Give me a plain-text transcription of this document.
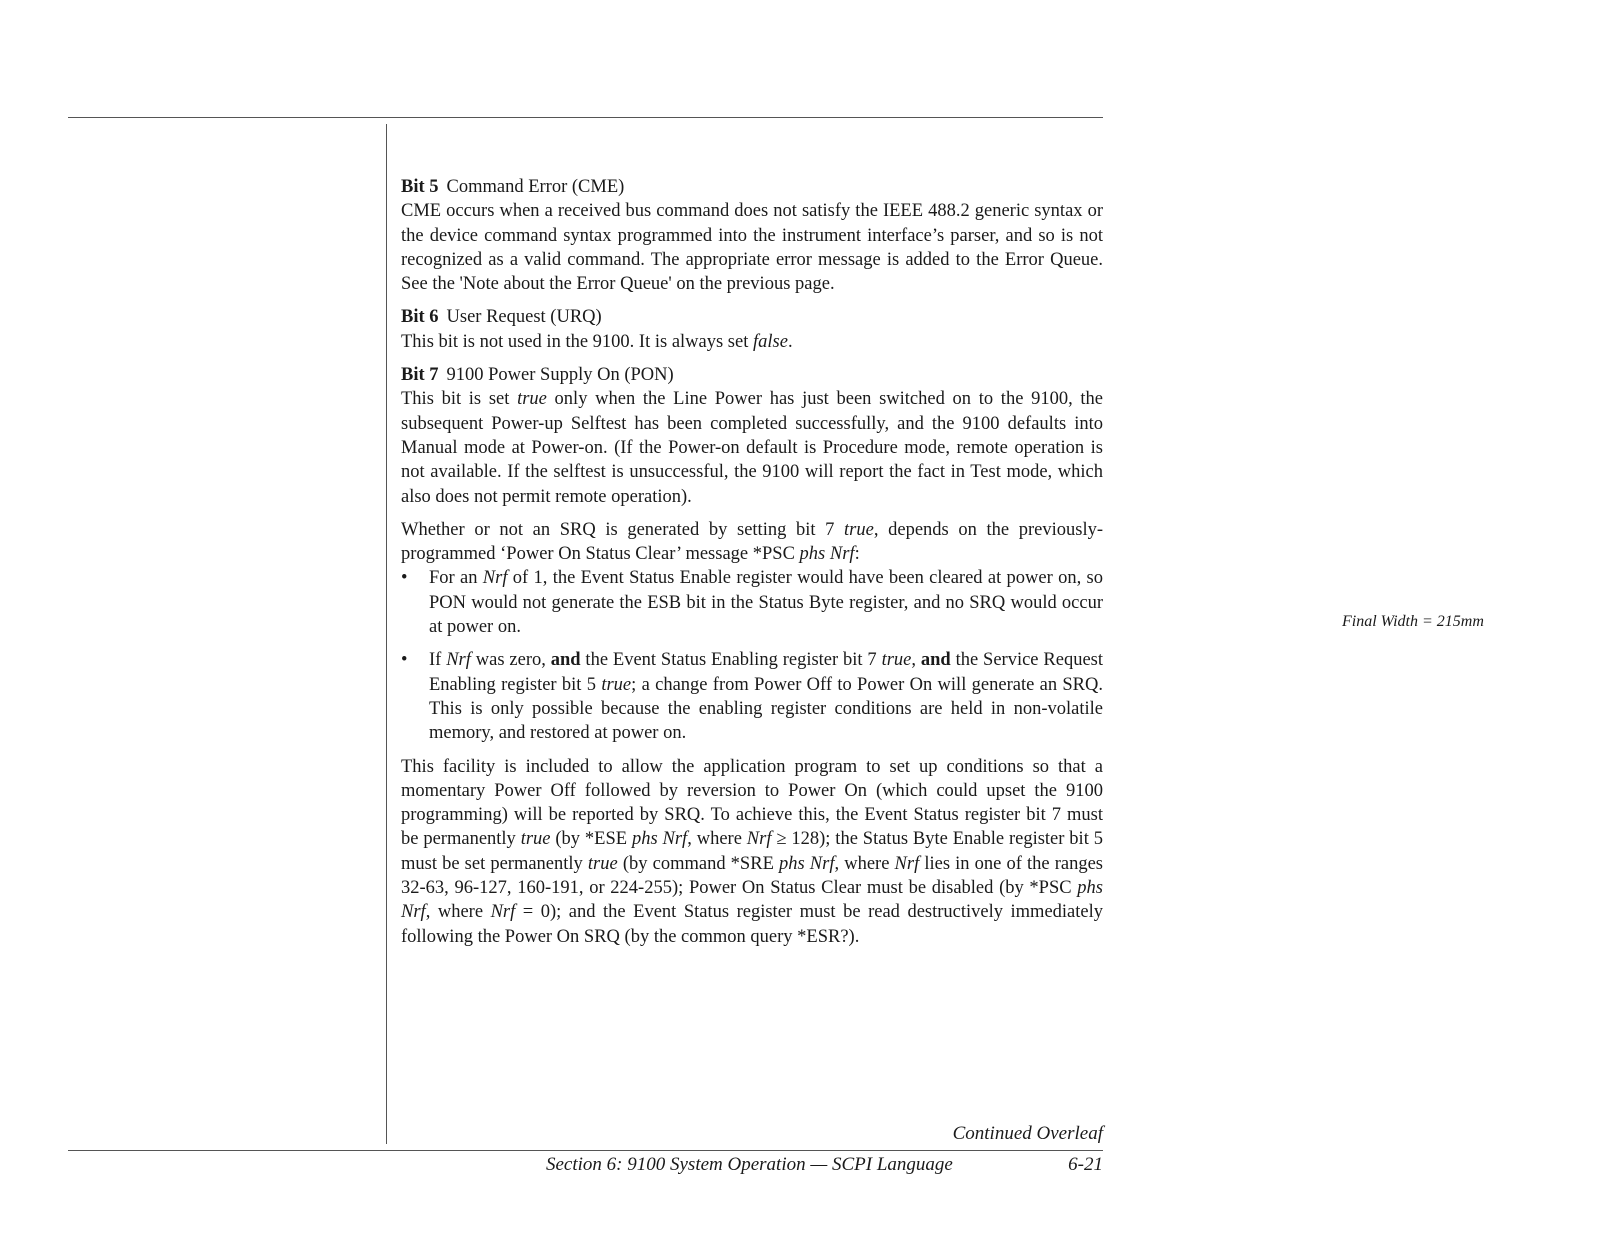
Bit 5 Command Error (CME)

CME occurs when a received bus command does not satisfy the IEEE 488.2 generic syntax or the device command syntax programmed into the instrument interface’s parser, and so is not recognized as a valid command. The appropriate error message is added to the Error Queue. See the 'Note about the Error Queue' on the previous page.

Bit 6 User Request (URQ)

This bit is not used in the 9100. It is always set false.

Bit 7 9100 Power Supply On (PON)

This bit is set true only when the Line Power has just been switched on to the 9100, the subsequent Power-up Selftest has been completed successfully, and the 9100 defaults into Manual mode at Power-on. (If the Power-on default is Procedure mode, remote operation is not available. If the selftest is unsuccessful, the 9100 will report the fact in Test mode, which also does not permit remote operation).

Whether or not an SRQ is generated by setting bit 7 true, depends on the previously-programmed ‘Power On Status Clear’ message *PSC phs Nrf:

• For an Nrf of 1, the Event Status Enable register would have been cleared at power on, so PON would not generate the ESB bit in the Status Byte register, and no SRQ would occur at power on.
• If Nrf was zero, and the Event Status Enabling register bit 7 true, and the Service Request Enabling register bit 5 true; a change from Power Off to Power On will generate an SRQ. This is only possible because the enabling register conditions are held in non-volatile memory, and restored at power on.

This facility is included to allow the application program to set up conditions so that a momentary Power Off followed by reversion to Power On (which could upset the 9100 programming) will be reported by SRQ. To achieve this, the Event Status register bit 7 must be permanently true (by *ESE phs Nrf, where Nrf ≥ 128); the Status Byte Enable register bit 5 must be set permanently true (by command *SRE phs Nrf, where Nrf lies in one of the ranges 32-63, 96-127, 160-191, or 224-255); Power On Status Clear must be disabled (by *PSC phs Nrf, where Nrf = 0); and the Event Status register must be read destructively immediately following the Power On SRQ (by the common query *ESR?).

Final Width = 215mm
Continued Overleaf
Section 6: 9100 System Operation — SCPI Language	6-21
